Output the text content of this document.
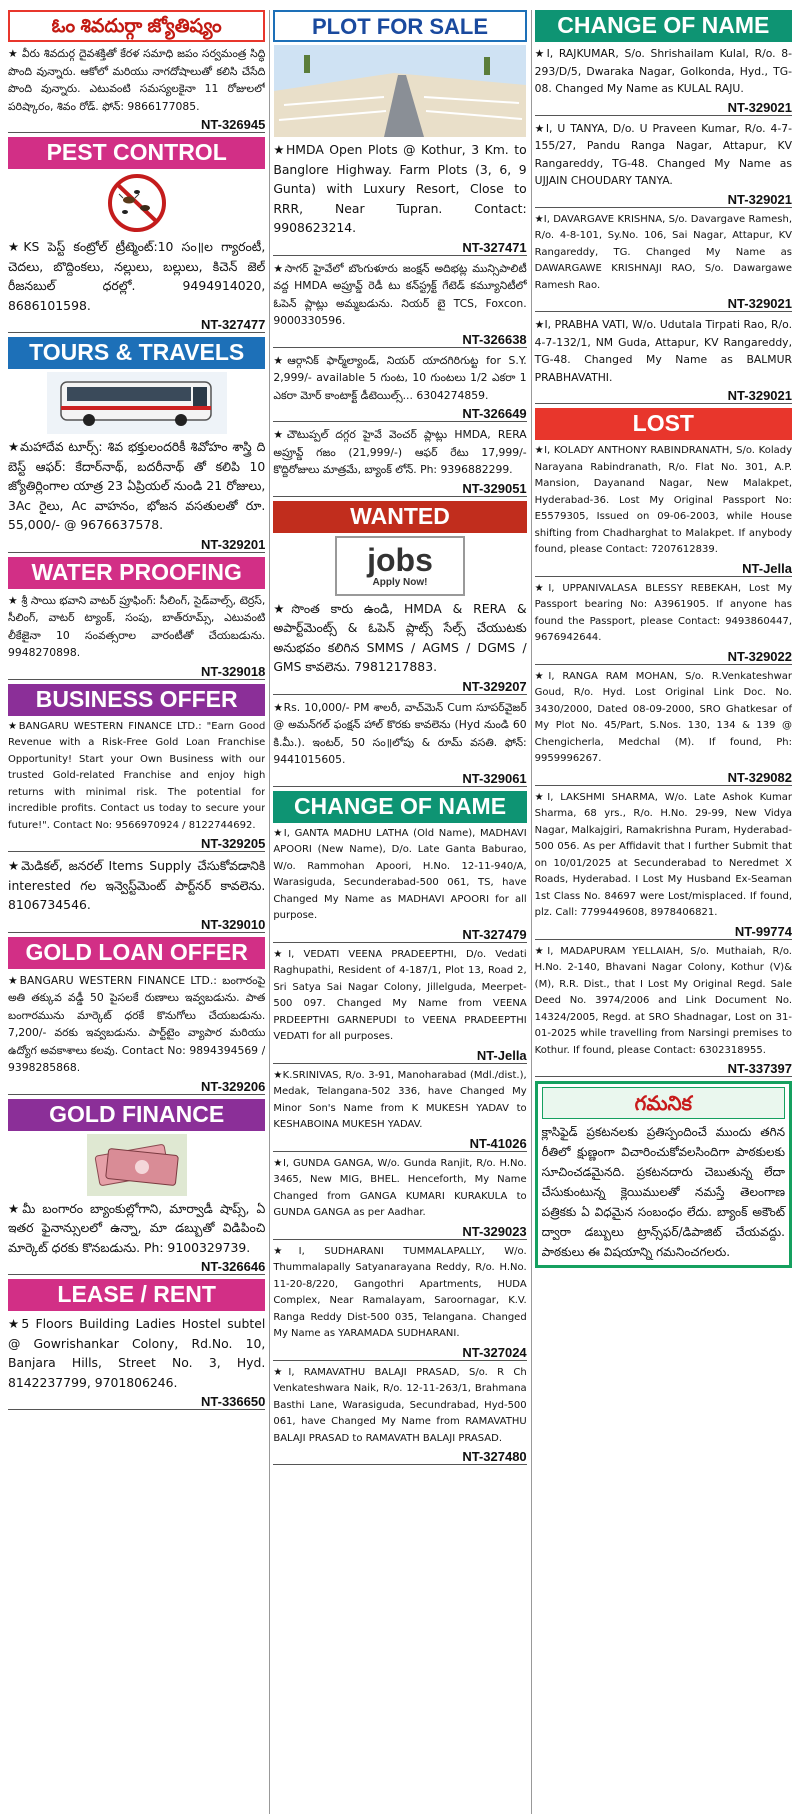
ఓం శివదుర్గా జ్యోతిష్యం
★ వీరు శివదుర్గ దైవశక్తితో కేరళ సమాధి జపం సర్వమంత్ర సిద్ధి పొంది వున్నారు. ఆకోలో మరియు నాగదోషాలుతో కలిసి చేసేది పొంది వున్నారు. ఎటువంటి సమస్యలకైనా 11 రోజులలో పరిష్కారం, శివం రోడ్. ఫోన్: 9866177085.
NT-326945
PEST CONTROL
★KS పెస్ట్ కంట్రోల్ ట్రీట్మెంట్:10 సం॥ల గ్యారంటీ, చెదలు, బొద్దింకలు, నల్లులు, బల్లులు, కిచెన్ జెల్ రీజనబుల్ ధరల్లో. 9494914020, 8686101598.
NT-327477
TOURS & TRAVELS
★మహాదేవ టూర్స్: శివ భక్తులందరికీ శివోహం శాస్త్రి ది బెస్ట్ ఆఫర్: కేదార్‌నాథ్, బదరీనాథ్ తో కలిపి 10 జ్యోతిర్లింగాల యాత్ర 23 ఏప్రియల్ నుండి 21 రోజులు, 3Ac రైలు, Ac వాహనం, భోజన వసతులతో రూ. 55,000/- @ 9676637578.
NT-329201
WATER PROOFING
★ శ్రీ సాయి భవాని వాటర్ ప్రూఫింగ్: సీలింగ్, సైడ్‌వాల్స్, టెర్రస్, సీలింగ్, వాటర్ ట్యాంక్, సంపు, బాత్‌రూమ్స్, ఎటువంటి లీకేజైనా 10 సంవత్సరాల వారంటీతో చేయబడును. 9948270898.
NT-329018
BUSINESS OFFER
★BANGARU WESTERN FINANCE LTD.: "Earn Good Revenue with a Risk-Free Gold Loan Franchise Opportunity! Start your Own Business with our trusted Gold-related Franchise and enjoy high returns with minimal risk. The potential for incredible profits. Contact us today to secure your future!". Contact No: 9566970924 / 8122744692.
NT-329205
★మెడికల్, జనరల్ Items Supply చేసుకోవడానికి interested గల ఇన్వెస్ట్‌మెంట్ పార్ట్‌నర్ కావలెను. 8106734546.
NT-329010
GOLD LOAN OFFER
★BANGARU WESTERN FINANCE LTD.: బంగారంపై అతి తక్కువ వడ్డీ 50 పైసలకే రుణాలు ఇవ్వబడును. పాత బంగారమును మార్కెట్ ధరకే కొనుగోలు చేయబడును. 7,200/- వరకు ఇవ్వబడును. పార్ట్‌టైం వ్యాపార మరియు ఉద్యోగ అవకాశాలు కలవు. Contact No: 9894394569 / 9398285868.
NT-329206
GOLD FINANCE
★మీ బంగారం బ్యాంకుల్లోగాని, మార్వాడీ షాప్స్, ఏ ఇతర ఫైనాన్సులలో ఉన్నా, మా డబ్బుతో విడిపించి మార్కెట్ ధరకు కొనబడును. Ph: 9100329739.
NT-326646
LEASE / RENT
★5 Floors Building Ladies Hostel subtel @ Gowrishankar Colony, Rd.No. 10, Banjara Hills, Street No. 3, Hyd. 8142237799, 9701806246.
NT-336650
PLOT FOR SALE
★HMDA Open Plots @ Kothur, 3 Km. to Banglore Highway. Farm Plots (3, 6, 9 Gunta) with Luxury Resort, Close to RRR, Near Tupran. Contact: 9908623214.
NT-327471
★సాగర్ హైవేలో బొంగుళూరు జంక్షన్ అదిభట్ల మున్సిపాలిటీ వద్ద HMDA అప్రూవ్డ్ రెడీ టు కన్‌స్ట్రక్ట్ గేటెడ్ కమ్యూనిటీలో ఓపెన్ ప్లాట్లు అమ్మబడును. నియర్ బై TCS, Foxcon. 9000330596.
NT-326638
★ఆర్గానిక్ ఫార్మ్‌ల్యాండ్, నియర్ యాదగిరిగుట్ట for S.Y. 2,999/- available 5 గుంట, 10 గుంటలు 1/2 ఎకరా 1 ఎకరా మోర్ కాంటాక్ట్ డీటెయిల్స్... 6304274859.
NT-326649
★చౌటుప్పల్ దగ్గర హైవే వెంచర్ ప్లాట్లు HMDA, RERA అప్రూవ్డ్ గజం (21,999/-) ఆఫర్ రేటు 17,999/- కొద్దిరోజులు మాత్రమే, బ్యాంక్ లోన్. Ph: 9396882299.
NT-329051
WANTED
jobs
Apply Now!
★సొంత కారు ఉండి, HMDA & RERA & అపార్ట్‌మెంట్స్ & ఓపెన్ ప్లాట్స్ సేల్స్ చేయుటకు అనుభవం కలిగిన SMMS / AGMS / DGMS / GMS కావలెను. 7981217883.
NT-329207
★Rs. 10,000/- PM శాలరీ, వాచ్‌మెన్ Cum సూపర్‌వైజర్ @ అమన్‌గల్ ఫంక్షన్ హాల్ కొరకు కావలెను (Hyd నుండి 60 కి.మీ.). ఇంటర్, 50 సం॥లోపు & రూమ్ వసతి. ఫోన్: 9441015605.
NT-329061
CHANGE OF NAME
★I, GANTA MADHU LATHA (Old Name), MADHAVI APOORI (New Name), D/o. Late Ganta Baburao, W/o. Rammohan Apoori, H.No. 12-11-940/A, Warasiguda, Secunderabad-500 061, TS, have Changed My Name as MADHAVI APOORI for all purpose.
NT-327479
★I, VEDATI VEENA PRADEEPTHI, D/o. Vedati Raghupathi, Resident of 4-187/1, Plot 13, Road 2, Sri Satya Sai Nagar Colony, Jillelguda, Meerpet-500 097. Changed My Name from VEENA PRDEEPTHI GARNEPUDI to VEENA PRADEEPTHI VEDATI for all purposes.
NT-Jella
★K.SRINIVAS, R/o. 3-91, Manoharabad (Mdl./dist.), Medak, Telangana-502 336, have Changed My Minor Son's Name from K MUKESH YADAV to KESHABOINA MUKESH YADAV.
NT-41026
★I, GUNDA GANGA, W/o. Gunda Ranjit, R/o. H.No. 3465, New MIG, BHEL. Henceforth, My Name Changed from GANGA KUMARI KURAKULA to GUNDA GANGA as per Aadhar.
NT-329023
★I, SUDHARANI TUMMALAPALLY, W/o. Thummalapally Satyanarayana Reddy, R/o. H.No. 11-20-8/220, Gangothri Apartments, HUDA Complex, Near Ramalayam, Saroornagar, K.V. Ranga Reddy Dist-500 035, Telangana. Changed My Name as YARAMADA SUDHARANI.
NT-327024
★I, RAMAVATHU BALAJI PRASAD, S/o. R Ch Venkateshwara Naik, R/o. 12-11-263/1, Brahmana Basthi Lane, Warasiguda, Secundrabad, Hyd-500 061, have Changed My Name from RAMAVATHU BALAJI PRASAD to RAMAVATH BALAJI PRASAD.
NT-327480
CHANGE OF NAME
★I, RAJKUMAR, S/o. Shrishailam Kulal, R/o. 8-293/D/5, Dwaraka Nagar, Golkonda, Hyd., TG-08. Changed My Name as KULAL RAJU.
NT-329021
★I, U TANYA, D/o. U Praveen Kumar, R/o. 4-7-155/27, Pandu Ranga Nagar, Attapur, KV Rangareddy, TG-48. Changed My Name as UJJAIN CHOUDARY TANYA.
NT-329021
★I, DAVARGAVE KRISHNA, S/o. Davargave Ramesh, R/o. 4-8-101, Sy.No. 106, Sai Nagar, Attapur, KV Rangareddy, TG. Changed My Name as DAWARGAWE KRISHNAJI RAO, S/o. Dawargawe Ramesh Rao.
NT-329021
★I, PRABHA VATI, W/o. Udutala Tirpati Rao, R/o. 4-7-132/1, NM Guda, Attapur, KV Rangareddy, TG-48. Changed My Name as BALMUR PRABHAVATHI.
NT-329021
LOST
★I, KOLADY ANTHONY RABINDRANATH, S/o. Kolady Narayana Rabindranath, R/o. Flat No. 301, A.P. Mansion, Dayanand Nagar, New Malakpet, Hyderabad-36. Lost My Original Passport No: E5579305, Issued on 09-06-2003, while House shifting from Chadharghat to Malakpet. If anybody found, please Contact: 7207612839.
NT-Jella
★I, UPPANIVALASA BLESSY REBEKAH, Lost My Passport bearing No: A3961905. If anyone has found the Passport, please Contact: 9493860447, 9676942644.
NT-329022
★I, RANGA RAM MOHAN, S/o. R.Venkateshwar Goud, R/o. Hyd. Lost Original Link Doc. No. 3430/2000, Dated 08-09-2000, SRO Ghatkesar of My Plot No. 45/Part, S.Nos. 130, 134 & 139 @ Chengicherla, Medchal (M). If found, Ph: 9959996267.
NT-329082
★I, LAKSHMI SHARMA, W/o. Late Ashok Kumar Sharma, 68 yrs., R/o. H.No. 29-99, New Vidya Nagar, Malkajgiri, Ramakrishna Puram, Hyderabad-500 056. As per Affidavit that I further Submit that on 10/01/2025 at Secunderabad to Neredmet X Roads, Hyderabad. I Lost My Husband Ex-Seaman 1st Class No. 84697 were Lost/misplaced. If found, plz. Call: 7799449608, 8978406821.
NT-99774
★I, MADAPURAM YELLAIAH, S/o. Muthaiah, R/o. H.No. 2-140, Bhavani Nagar Colony, Kothur (V)&(M), R.R. Dist., that I Lost My Original Regd. Sale Deed No. 3974/2006 and Link Document No. 14324/2005, Regd. at SRO Shadnagar, Lost on 31-01-2025 while travelling from Narsingi premises to Kothur. If found, please Contact: 6302318955.
NT-337397
గమనిక
క్లాసిఫైడ్ ప్రకటనలకు ప్రతిస్పందించే ముందు తగిన రీతిలో క్షుణ్ణంగా విచారించుకోవలసిందిగా పాఠకులకు సూచించడమైనది. ప్రకటనదారు చెబుతున్న లేదా చేసుకుంటున్న క్లెయిములతో నమస్తే తెలంగాణ పత్రికకు ఏ విధమైన సంబంధం లేదు. బ్యాంక్ అకౌంట్ ద్వారా డబ్బులు ట్రాన్స్‌ఫర్/డిపాజిట్ చేయవద్దు. పాఠకులు ఈ విషయాన్ని గమనించగలరు.
